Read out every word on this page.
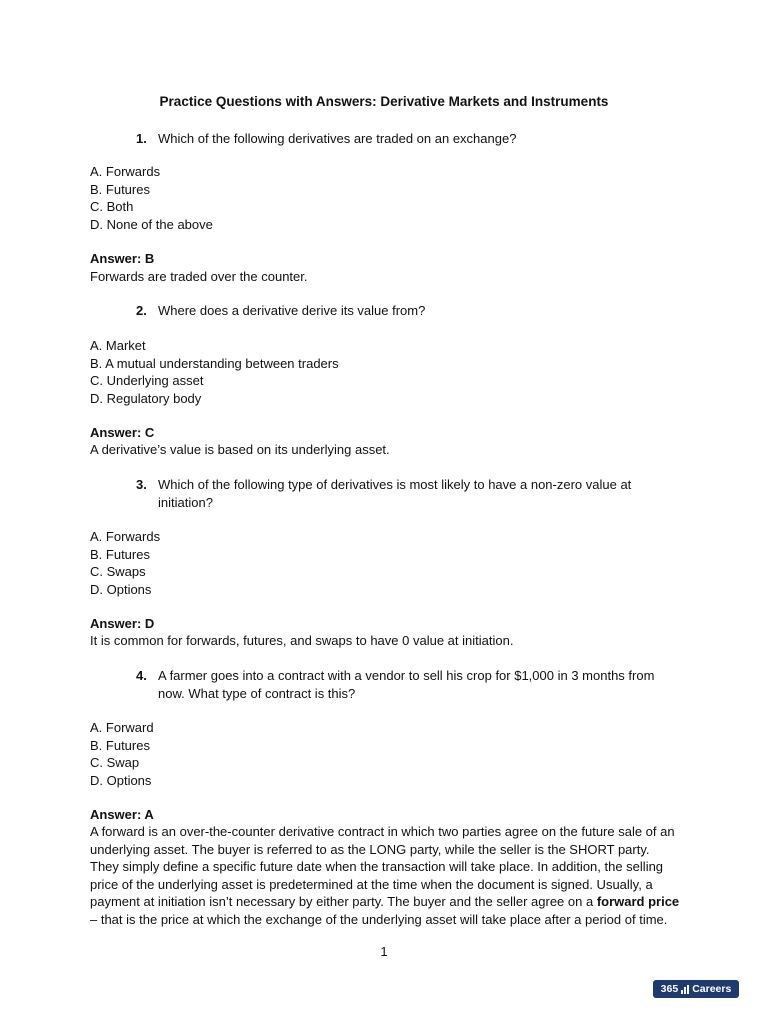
Practice Questions with Answers: Derivative Markets and Instruments
1. Which of the following derivatives are traded on an exchange?
A. Forwards
B. Futures
C. Both
D. None of the above
Answer: B
Forwards are traded over the counter.
2. Where does a derivative derive its value from?
A. Market
B. A mutual understanding between traders
C. Underlying asset
D. Regulatory body
Answer: C
A derivative’s value is based on its underlying asset.
3. Which of the following type of derivatives is most likely to have a non-zero value at initiation?
A. Forwards
B. Futures
C. Swaps
D. Options
Answer: D
It is common for forwards, futures, and swaps to have 0 value at initiation.
4. A farmer goes into a contract with a vendor to sell his crop for $1,000 in 3 months from now. What type of contract is this?
A. Forward
B. Futures
C. Swap
D. Options
Answer: A
A forward is an over-the-counter derivative contract in which two parties agree on the future sale of an underlying asset. The buyer is referred to as the LONG party, while the seller is the SHORT party. They simply define a specific future date when the transaction will take place. In addition, the selling price of the underlying asset is predetermined at the time when the document is signed. Usually, a payment at initiation isn’t necessary by either party. The buyer and the seller agree on a forward price – that is the price at which the exchange of the underlying asset will take place after a period of time.
1
365 Careers
